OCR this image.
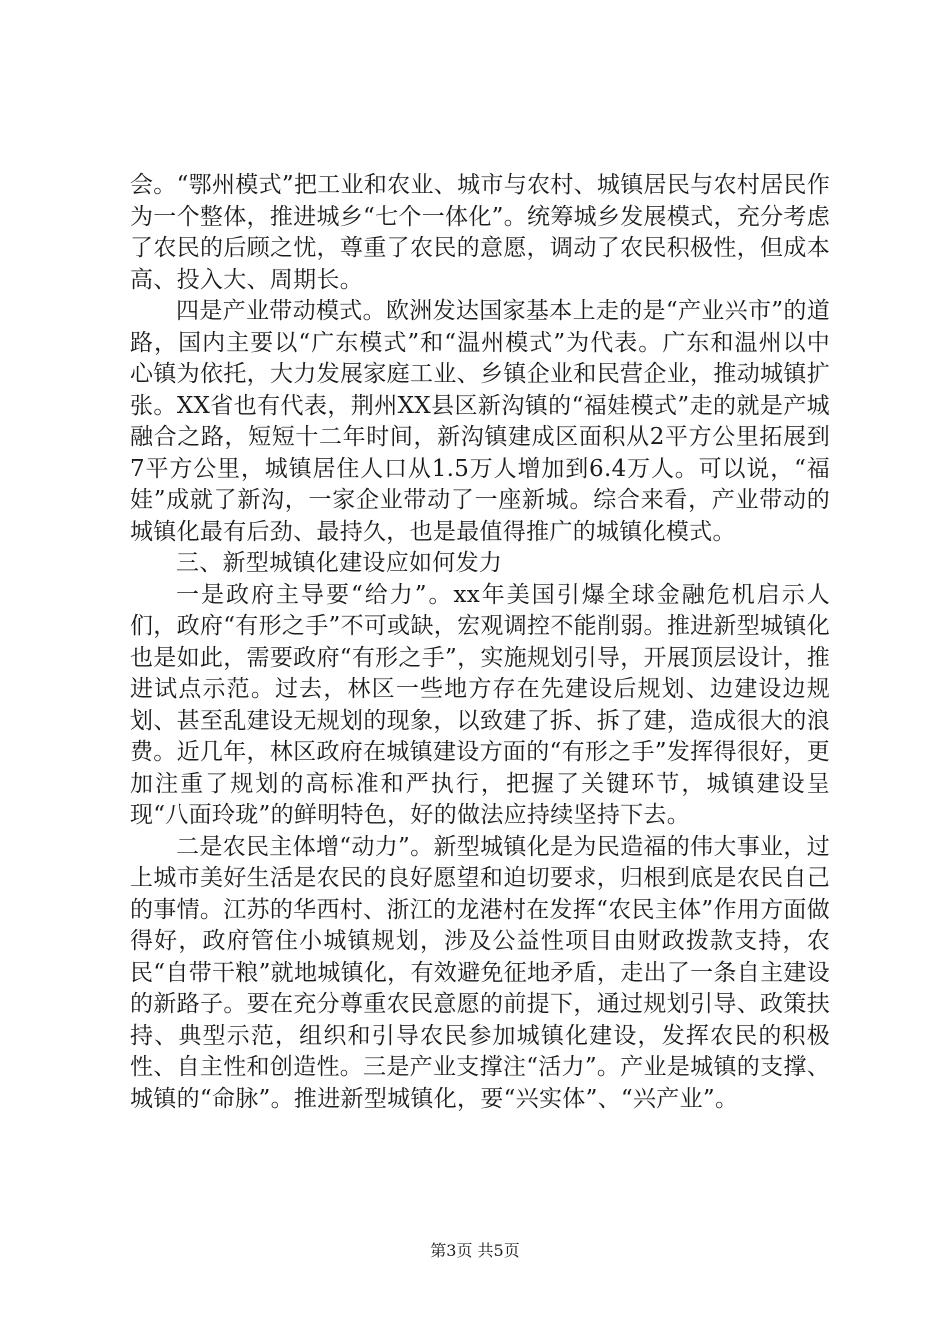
会。“鄂州模式”把工业和农业、城市与农村、城镇居民与农村居民作为一个整体，推进城乡“七个一体化”。统筹城乡发展模式，充分考虑了农民的后顾之忧，尊重了农民的意愿，调动了农民积极性，但成本高、投入大、周期长。

四是产业带动模式。欧洲发达国家基本上走的是“产业兴市”的道路，国内主要以“广东模式”和“温州模式”为代表。广东和温州以中心镇为依托，大力发展家庭工业、乡镇企业和民营企业，推动城镇扩张。XX省也有代表，荆州XX县区新沟镇的“福娃模式”走的就是产城融合之路，短短十二年时间，新沟镇建成区面积从2平方公里拓展到7平方公里，城镇居住人口从1.5万人增加到6.4万人。可以说，“福娃”成就了新沟，一家企业带动了一座新城。综合来看，产业带动的城镇化最有后劲、最持久，也是最值得推广的城镇化模式。

三、新型城镇化建设应如何发力

一是政府主导要“给力”。xx年美国引爆全球金融危机启示人们，政府“有形之手”不可或缺，宏观调控不能削弱。推进新型城镇化也是如此，需要政府“有形之手”，实施规划引导，开展顶层设计，推进试点示范。过去，林区一些地方存在先建设后规划、边建设边规划、甚至乱建设无规划的现象，以致建了拆、拆了建，造成很大的浪费。近几年，林区政府在城镇建设方面的“有形之手”发挥得很好，更加注重了规划的高标准和严执行，把握了关键环节，城镇建设呈现“八面玲珑”的鲜明特色，好的做法应持续坚持下去。

二是农民主体增“动力”。新型城镇化是为民造福的伟大事业，过上城市美好生活是农民的良好愿望和迫切要求，归根到底是农民自己的事情。江苏的华西村、浙江的龙港村在发挥“农民主体”作用方面做得好，政府管住小城镇规划，涉及公益性项目由财政拨款支持，农民“自带干粮”就地城镇化，有效避免征地矛盾，走出了一条自主建设的新路子。要在充分尊重农民意愿的前提下，通过规划引导、政策扶持、典型示范，组织和引导农民参加城镇化建设，发挥农民的积极性、自主性和创造性。三是产业支撑注“活力”。产业是城镇的支撑、城镇的“命脉”。推进新型城镇化，要“兴实体”、“兴产业”。

第3页 共5页
